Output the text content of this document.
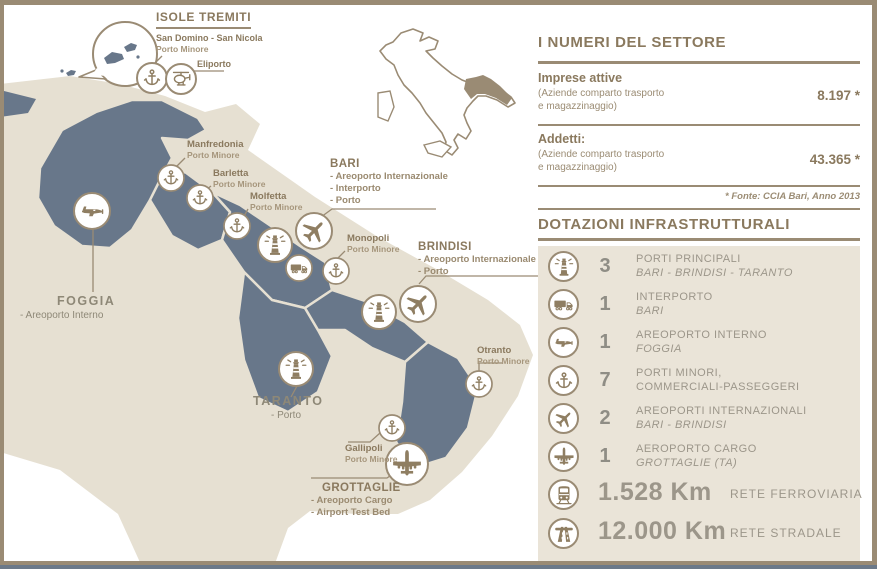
ISOLE TREMITI
San Domino - San Nicola
Porto Minore
Eliporto
Manfredonia
Porto Minore
Barletta
Porto Minore
Molfetta
Porto Minore
Monopoli
Porto Minore
Otranto
Porto Minore
Gallipoli
Porto Minore
BARI
- Areoporto Internazionale
- Interporto
- Porto
BRINDISI
- Areoporto Internazionale
- Porto
TARANTO
- Porto
GROTTAGLIE
- Areoporto Cargo
- Airport Test Bed
FOGGIA
- Areoporto Interno
I NUMERI DEL SETTORE
Imprese attive
(Aziende comparto trasporto
e magazzinaggio)
8.197 *
Addetti:
(Aziende comparto trasporto
e magazzinaggio)
43.365 *
* Fonte: CCIA Bari, Anno 2013
DOTAZIONI INFRASTRUTTURALI
3	PORTI PRINCIPALI
BARI - BRINDISI - TARANTO
1	INTERPORTO
BARI
1	AREOPORTO INTERNO
FOGGIA
7	PORTI MINORI,
COMMERCIALI-PASSEGGERI
2	AREOPORTI INTERNAZIONALI
BARI - BRINDISI
1	AEROPORTO CARGO
GROTTAGLIE (TA)
1.528 Km RETE FERROVIARIA
12.000 Km RETE STRADALE
